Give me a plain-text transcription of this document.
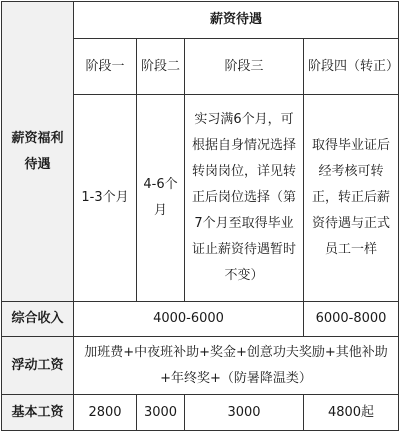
薪资福利待遇	薪资待遇			
	阶段一	阶段二	阶段三	阶段四（转正）
	1-3个月	4-6个月	实习满6个月，可根据自身情况选择转岗岗位，详见转正后岗位选择（第7个月至取得毕业证止薪资待遇暂时不变）	取得毕业证后经考核可转正，转正后薪资待遇与正式员工一样
综合收入	4000-6000			6000-8000
浮动工资	加班费+中夜班补助+奖金+创意功夫奖励+其他补助+年终奖+（防暑降温类）			
基本工资	2800	3000	3000	4800起
